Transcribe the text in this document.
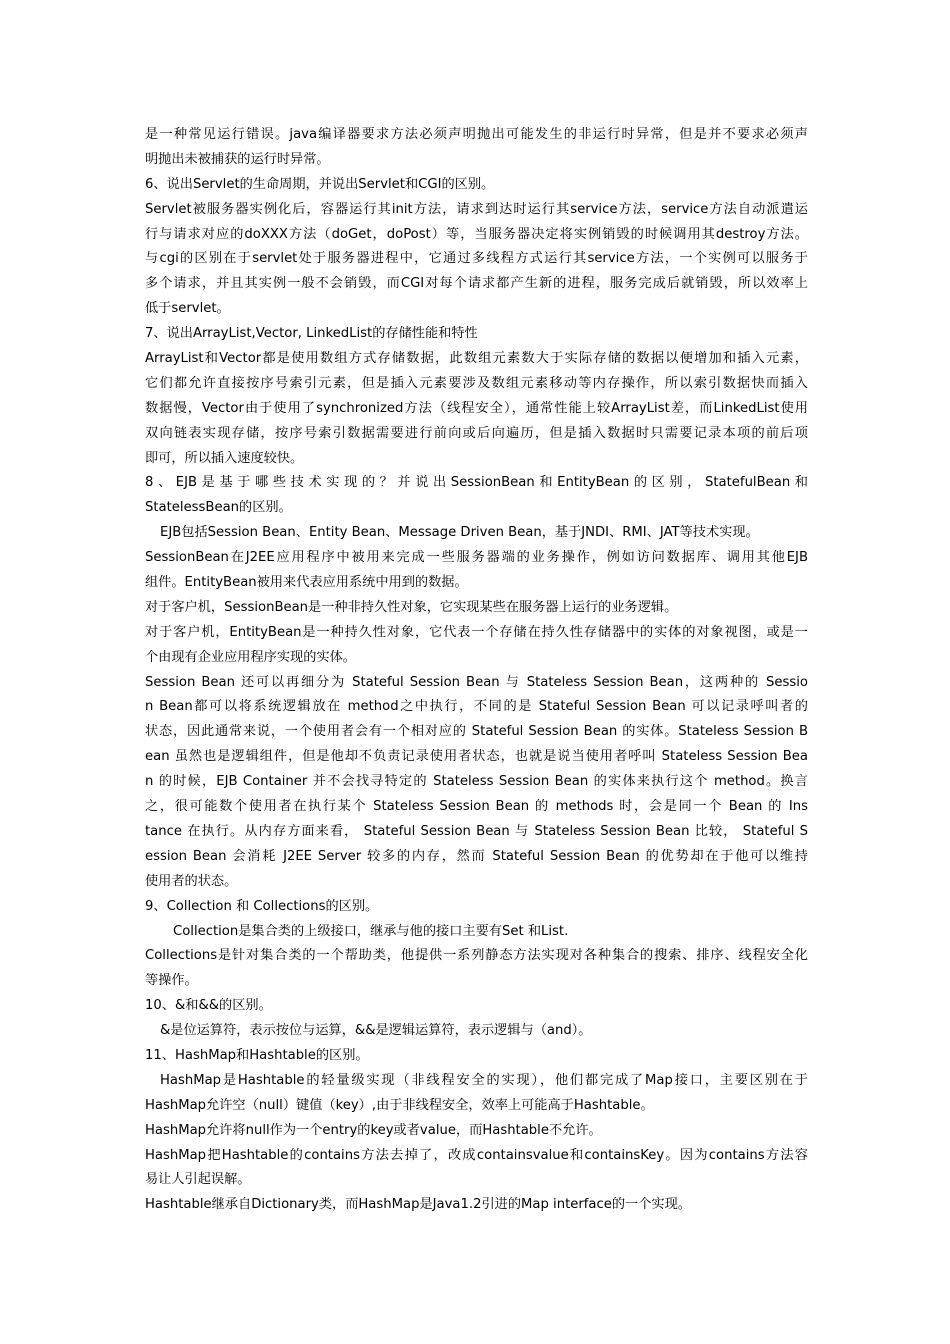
是一种常见运行错误。java编译器要求方法必须声明抛出可能发生的非运行时异常，但是并不要求必须声
明抛出未被捕获的运行时异常。
6、说出Servlet的生命周期，并说出Servlet和CGI的区别。
Servlet被服务器实例化后，容器运行其init方法，请求到达时运行其service方法，service方法自动派遣运
行与请求对应的doXXX方法（doGet，doPost）等，当服务器决定将实例销毁的时候调用其destroy方法。
与cgi的区别在于servlet处于服务器进程中，它通过多线程方式运行其service方法，一个实例可以服务于
多个请求，并且其实例一般不会销毁，而CGI对每个请求都产生新的进程，服务完成后就销毁，所以效率上
低于servlet。
7、说出ArrayList,Vector, LinkedList的存储性能和特性
ArrayList和Vector都是使用数组方式存储数据，此数组元素数大于实际存储的数据以便增加和插入元素，
它们都允许直接按序号索引元素，但是插入元素要涉及数组元素移动等内存操作，所以索引数据快而插入
数据慢，Vector由于使用了synchronized方法（线程安全），通常性能上较ArrayList差，而LinkedList使用
双向链表实现存储，按序号索引数据需要进行前向或后向遍历，但是插入数据时只需要记录本项的前后项
即可，所以插入速度较快。
8、EJB是基于哪些技术实现的？并说出SessionBean和EntityBean的区别，StatefulBean和
StatelessBean的区别。
EJB包括Session Bean、Entity Bean、Message Driven Bean，基于JNDI、RMI、JAT等技术实现。
SessionBean在J2EE应用程序中被用来完成一些服务器端的业务操作，例如访问数据库、调用其他EJB
组件。EntityBean被用来代表应用系统中用到的数据。
对于客户机，SessionBean是一种非持久性对象，它实现某些在服务器上运行的业务逻辑。
对于客户机，EntityBean是一种持久性对象，它代表一个存储在持久性存储器中的实体的对象视图，或是一
个由现有企业应用程序实现的实体。
Session Bean 还可以再细分为 Stateful Session Bean 与 Stateless Session Bean，这两种的 Sessio
n Bean都可以将系统逻辑放在 method之中执行，不同的是 Stateful Session Bean 可以记录呼叫者的
状态，因此通常来说，一个使用者会有一个相对应的 Stateful Session Bean 的实体。Stateless Session B
ean 虽然也是逻辑组件，但是他却不负责记录使用者状态，也就是说当使用者呼叫 Stateless Session Bea
n 的时候，EJB Container 并不会找寻特定的 Stateless Session Bean 的实体来执行这个 method。换言
之，很可能数个使用者在执行某个 Stateless Session Bean 的 methods 时，会是同一个 Bean 的 Ins
tance 在执行。从内存方面来看， Stateful Session Bean 与 Stateless Session Bean 比较， Stateful S
ession Bean 会消耗 J2EE Server 较多的内存，然而 Stateful Session Bean 的优势却在于他可以维持
使用者的状态。
9、Collection 和 Collections的区别。
Collection是集合类的上级接口，继承与他的接口主要有Set 和List.
Collections是针对集合类的一个帮助类，他提供一系列静态方法实现对各种集合的搜索、排序、线程安全化
等操作。
10、&和&&的区别。
&是位运算符，表示按位与运算，&&是逻辑运算符，表示逻辑与（and）。
11、HashMap和Hashtable的区别。
HashMap是Hashtable的轻量级实现（非线程安全的实现），他们都完成了Map接口，主要区别在于
HashMap允许空（null）键值（key）,由于非线程安全，效率上可能高于Hashtable。
HashMap允许将null作为一个entry的key或者value，而Hashtable不允许。
HashMap把Hashtable的contains方法去掉了，改成containsvalue和containsKey。因为contains方法容
易让人引起误解。
Hashtable继承自Dictionary类，而HashMap是Java1.2引进的Map interface的一个实现。
